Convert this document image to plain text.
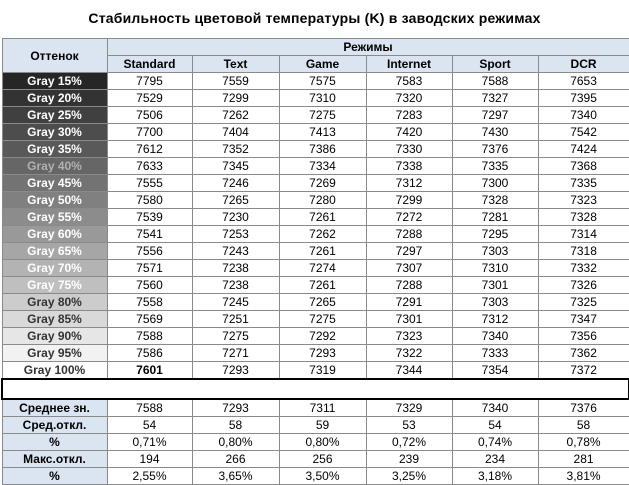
Стабильность цветовой температуры (K) в заводских режимах
Оттенок	Режимы					
	Standard	Text	Game	Internet	Sport	DCR
Gray 15%	7795	7559	7575	7583	7588	7653
Gray 20%	7529	7299	7310	7320	7327	7395
Gray 25%	7506	7262	7275	7283	7297	7340
Gray 30%	7700	7404	7413	7420	7430	7542
Gray 35%	7612	7352	7386	7330	7376	7424
Gray 40%	7633	7345	7334	7338	7335	7368
Gray 45%	7555	7246	7269	7312	7300	7335
Gray 50%	7580	7265	7280	7299	7328	7323
Gray 55%	7539	7230	7261	7272	7281	7328
Gray 60%	7541	7253	7262	7288	7295	7314
Gray 65%	7556	7243	7261	7297	7303	7318
Gray 70%	7571	7238	7274	7307	7310	7332
Gray 75%	7560	7238	7261	7288	7301	7326
Gray 80%	7558	7245	7265	7291	7303	7325
Gray 85%	7569	7251	7275	7301	7312	7347
Gray 90%	7588	7275	7292	7323	7340	7356
Gray 95%	7586	7271	7293	7322	7333	7362
Gray 100%	7601	7293	7319	7344	7354	7372

Среднее зн.	7588	7293	7311	7329	7340	7376
Сред.откл.	54	58	59	53	54	58
%	0,71%	0,80%	0,80%	0,72%	0,74%	0,78%
Макс.откл.	194	266	256	239	234	281
%	2,55%	3,65%	3,50%	3,25%	3,18%	3,81%
